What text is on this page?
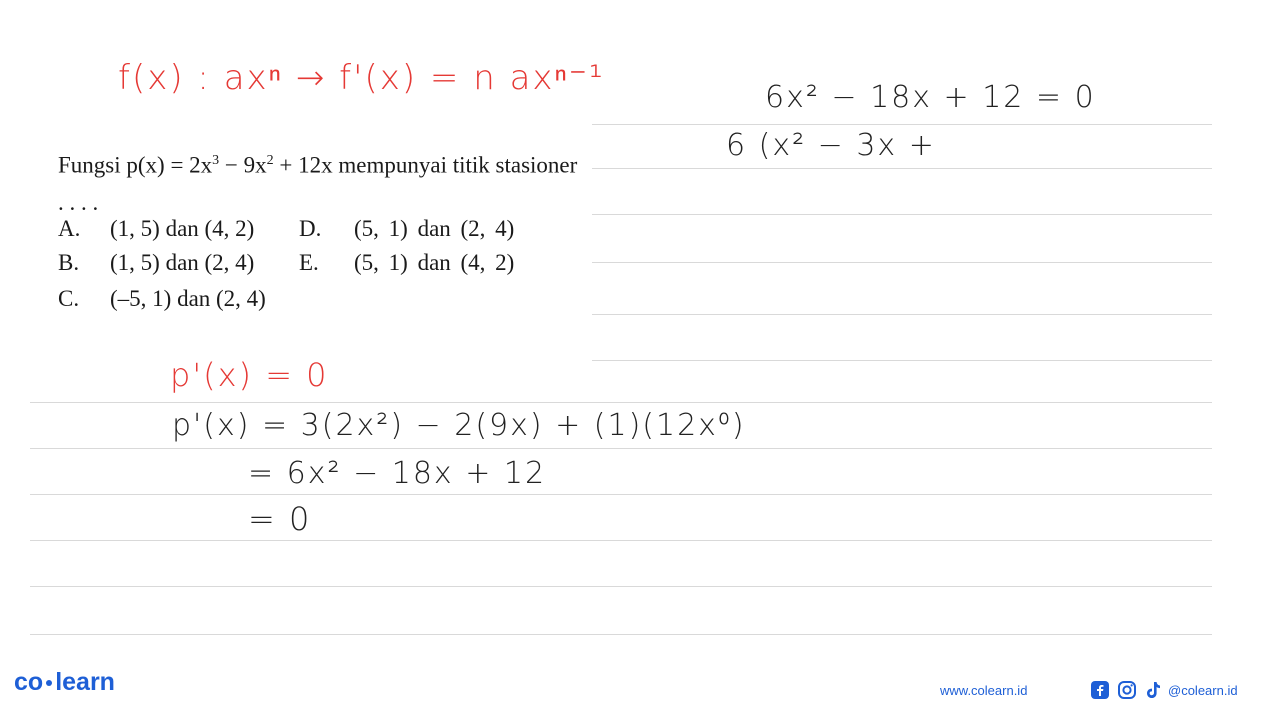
f(x) : axⁿ → f'(x) = n axⁿ⁻¹	6x² − 18x + 12 = 0
6 (x² − 3x +
p'(x) = 0
p'(x) = 3(2x²) − 2(9x) + (1)(12x⁰)
= 6x² − 18x + 12
= 0
Fungsi $p(x) = 2x^3 - 9x^2 + 12x$ mempunyai titik stasioner . . . .
A. (1, 5) dan (4, 2) D. (5, 1) dan (2, 4)
B. (1, 5) dan (2, 4) E. (5, 1) dan (4, 2)
C. (–5, 1) dan (2, 4)
co learn	www.colearn.id	@colearn.id
